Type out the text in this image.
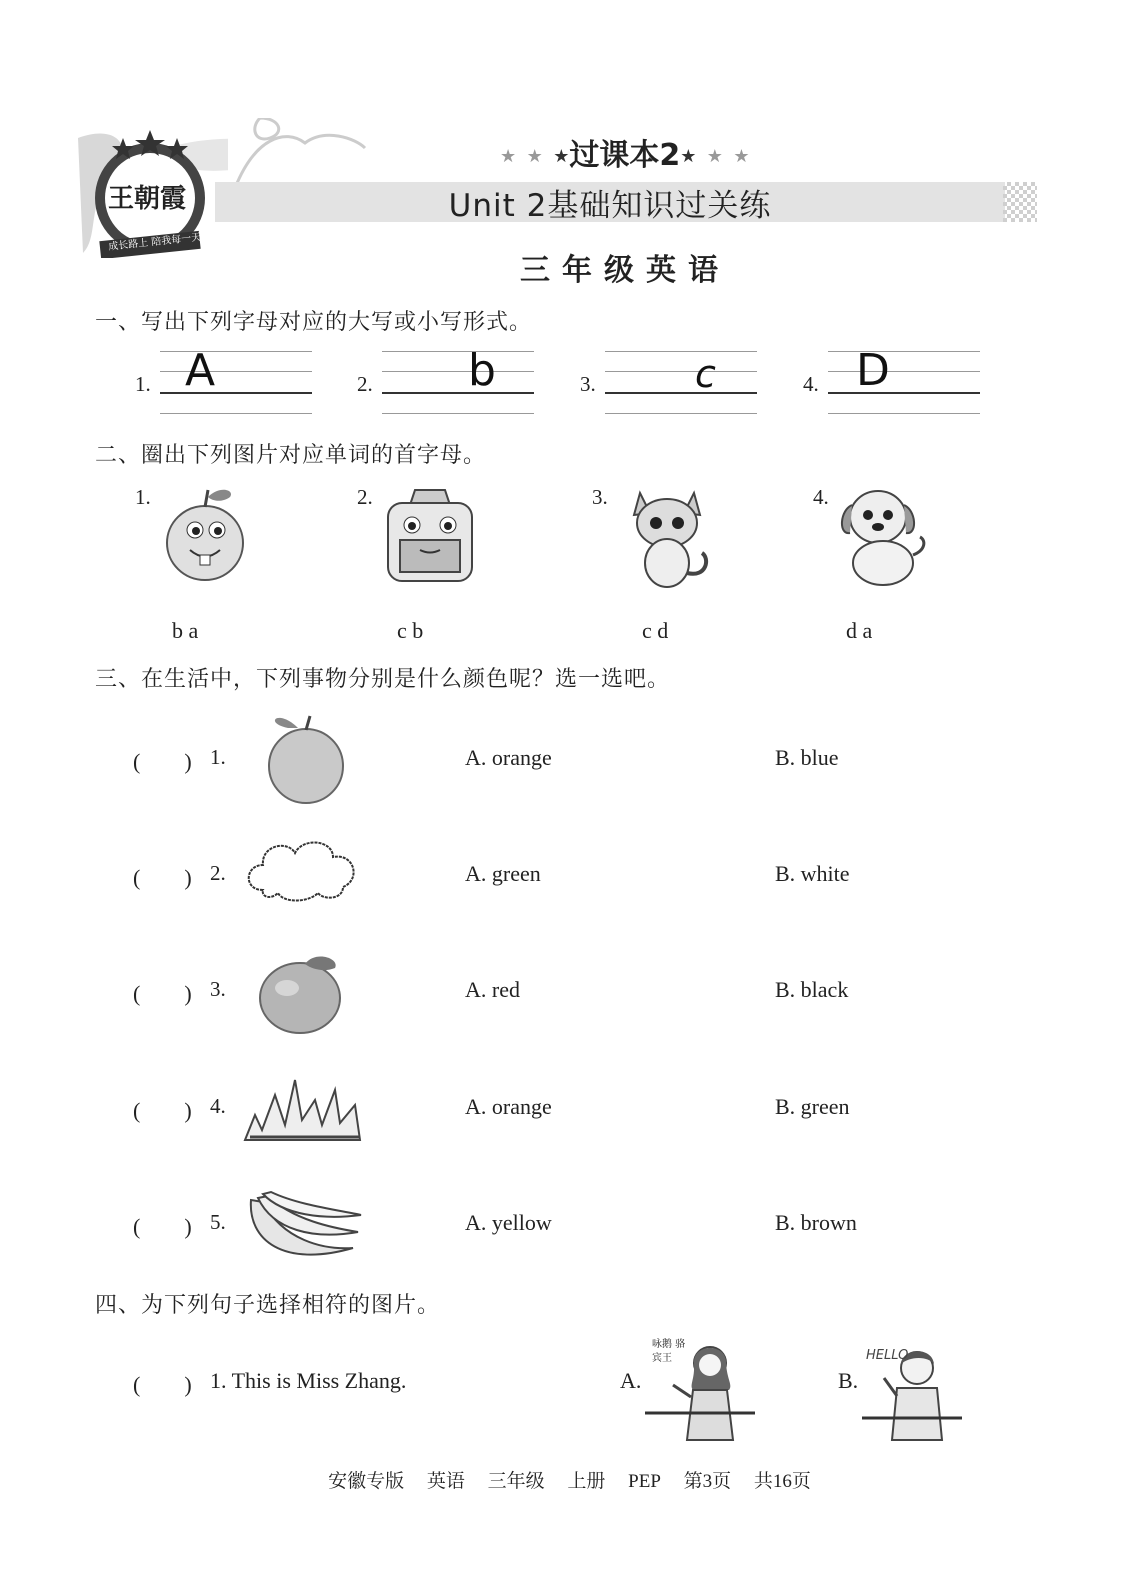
王朝霞
成长路上 陪我每一天
★ ★ ★过课本2★ ★ ★
Unit 2基础知识过关练
三年级英语
一、写出下列字母对应的大写或小写形式。
1. A	2. b	3.	c	4. D
二、圈出下列图片对应单词的首字母。
1.
b a
2.
c b
3.
c d
4.
d a
三、在生活中，下列事物分别是什么颜色呢？选一选吧。
(　　) 1.	A. orange	B. blue
(　　) 2.	A. green	B. white
(　　) 3.	A. red	B. black
(　　) 4.	A. orange	B. green
(　　) 5.	A. yellow	B. brown
四、为下列句子选择相符的图片。
(　　) 1. This is Miss Zhang.	A.
咏鹅 骆宾王
B.
HELLO
安徽专版 英语 三年级 上册 PEP 第3页 共16页
